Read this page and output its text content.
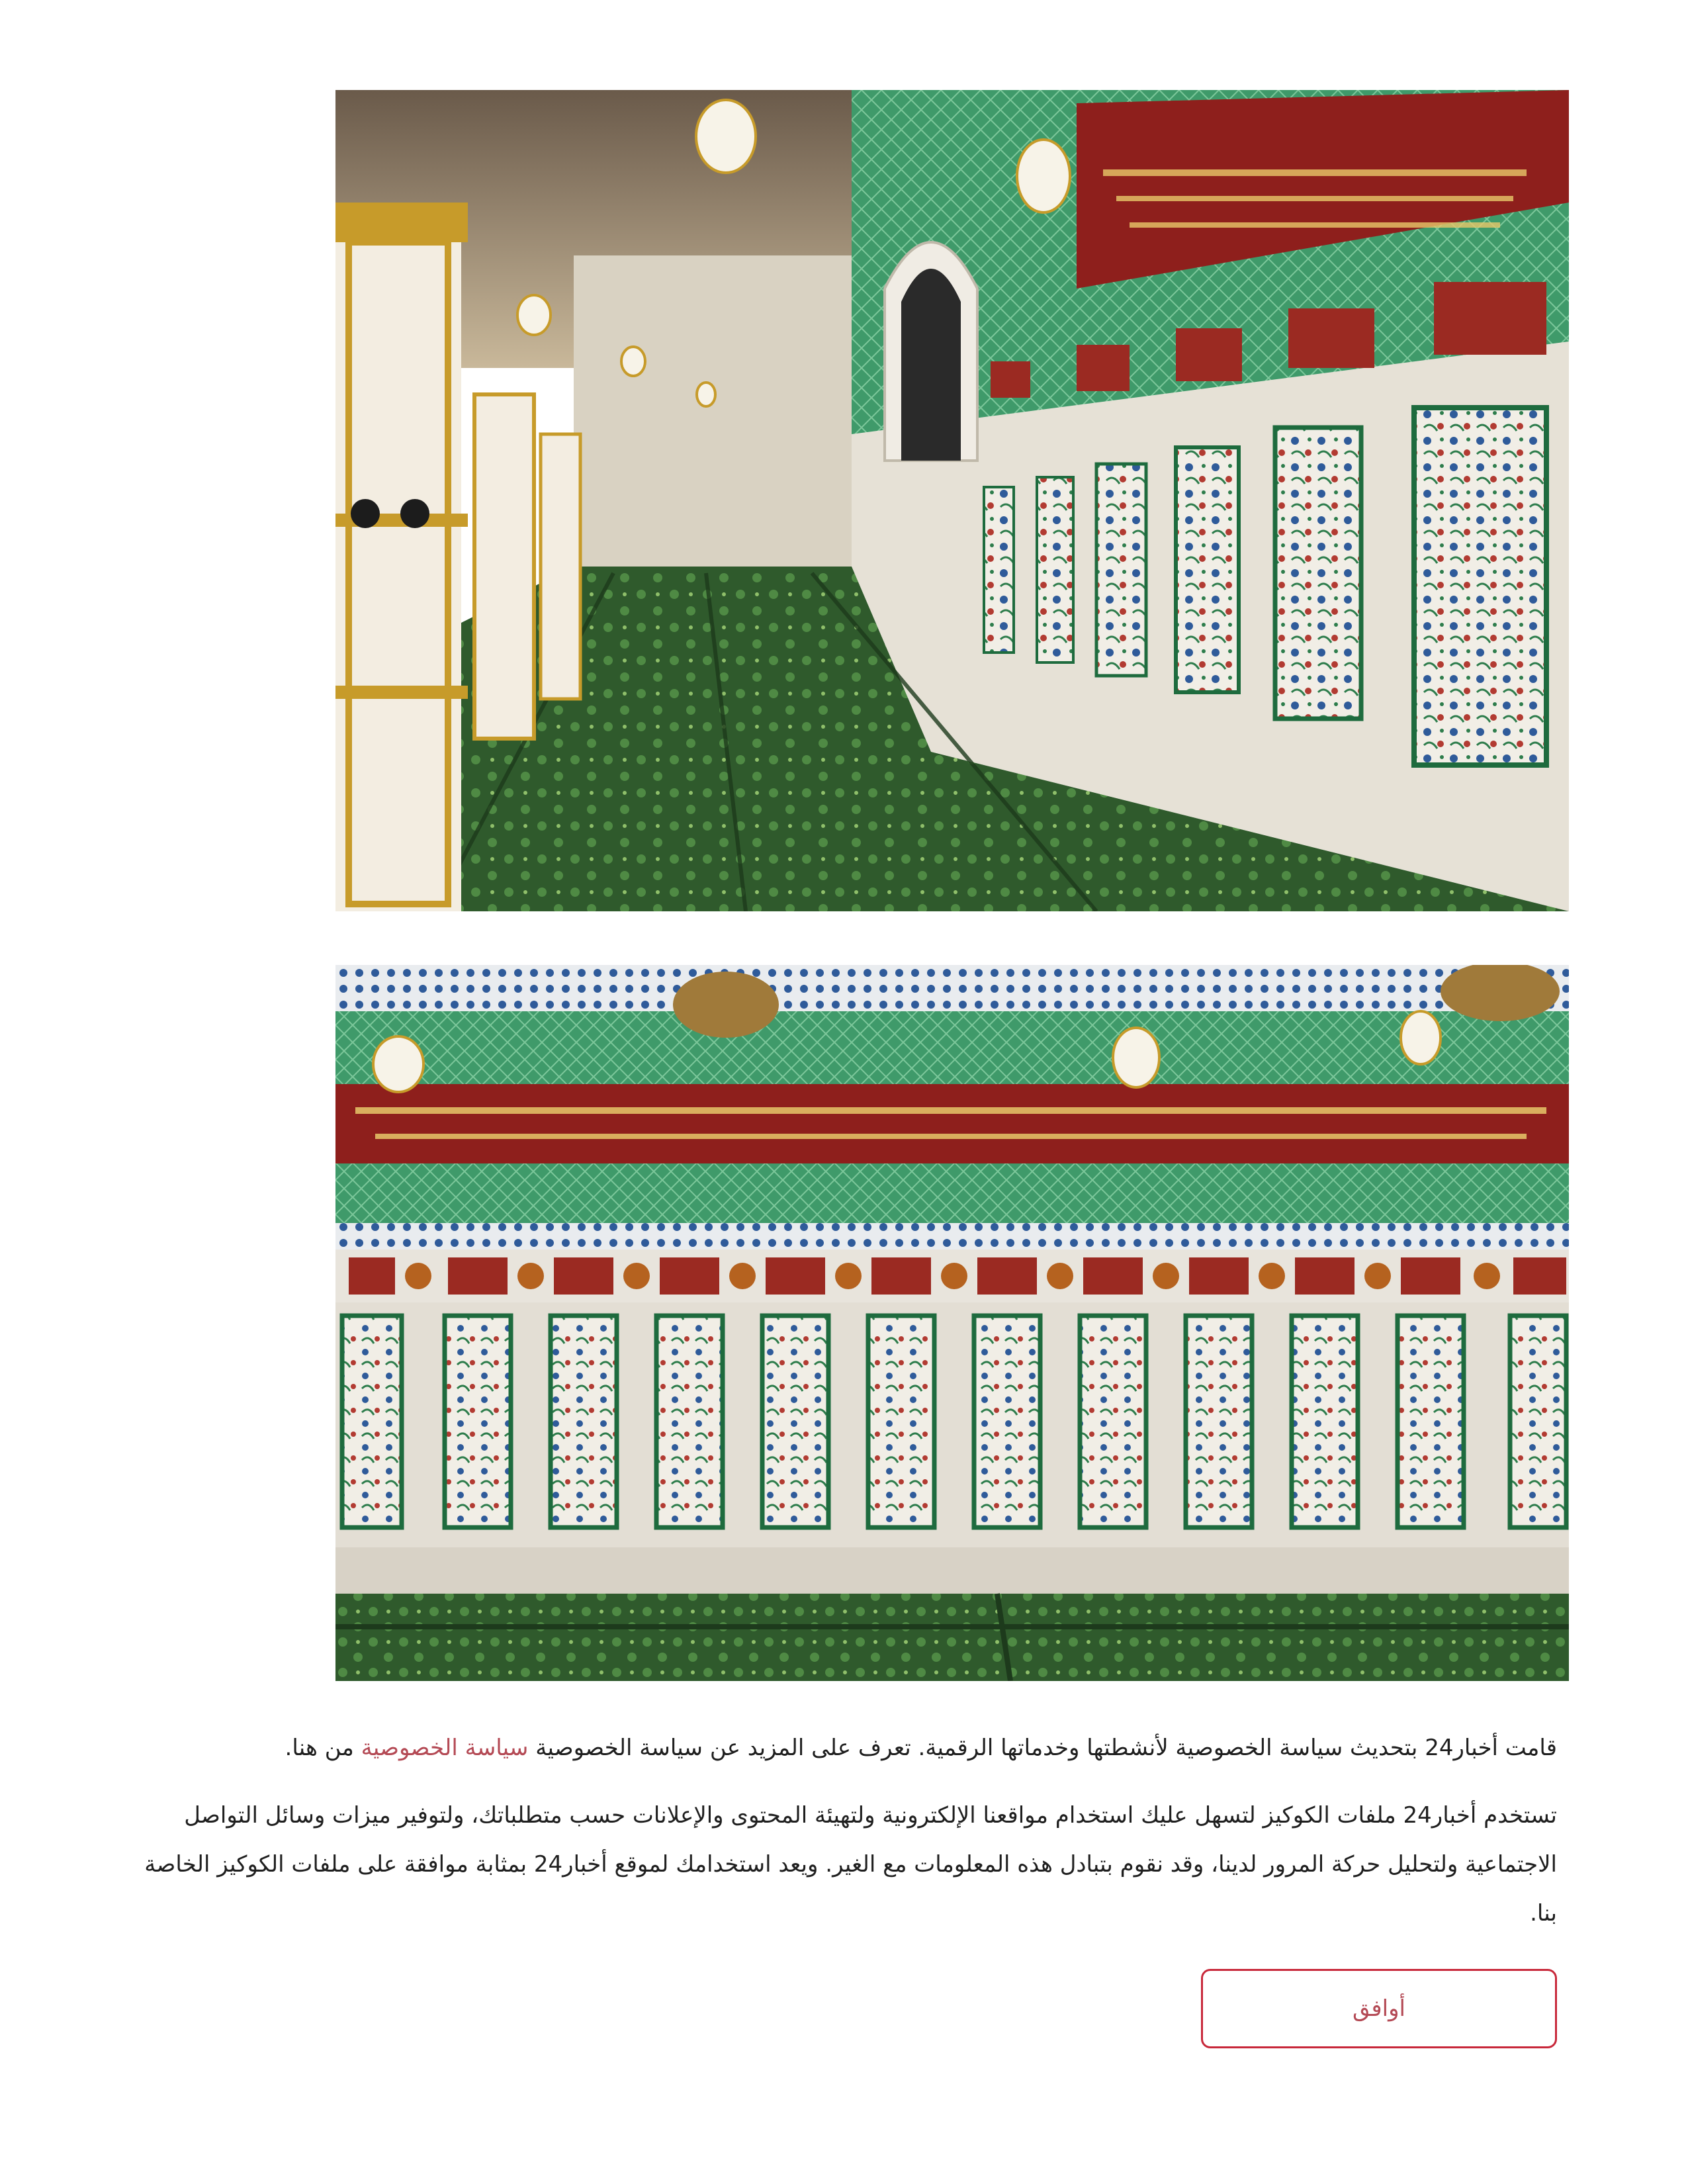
قامت أخبار24 بتحديث سياسة الخصوصية لأنشطتها وخدماتها الرقمية. تعرف على المزيد عن سياسة الخصوصية سياسة الخصوصية من هنا.

تستخدم أخبار24 ملفات الكوكيز لتسهل عليك استخدام مواقعنا الإلكترونية ولتهيئة المحتوى والإعلانات حسب متطلباتك، ولتوفير ميزات وسائل التواصل الاجتماعية ولتحليل حركة المرور لدينا، وقد نقوم بتبادل هذه المعلومات مع الغير. ويعد استخدامك لموقع أخبار24 بمثابة موافقة على ملفات الكوكيز الخاصة بنا.

أوافق
